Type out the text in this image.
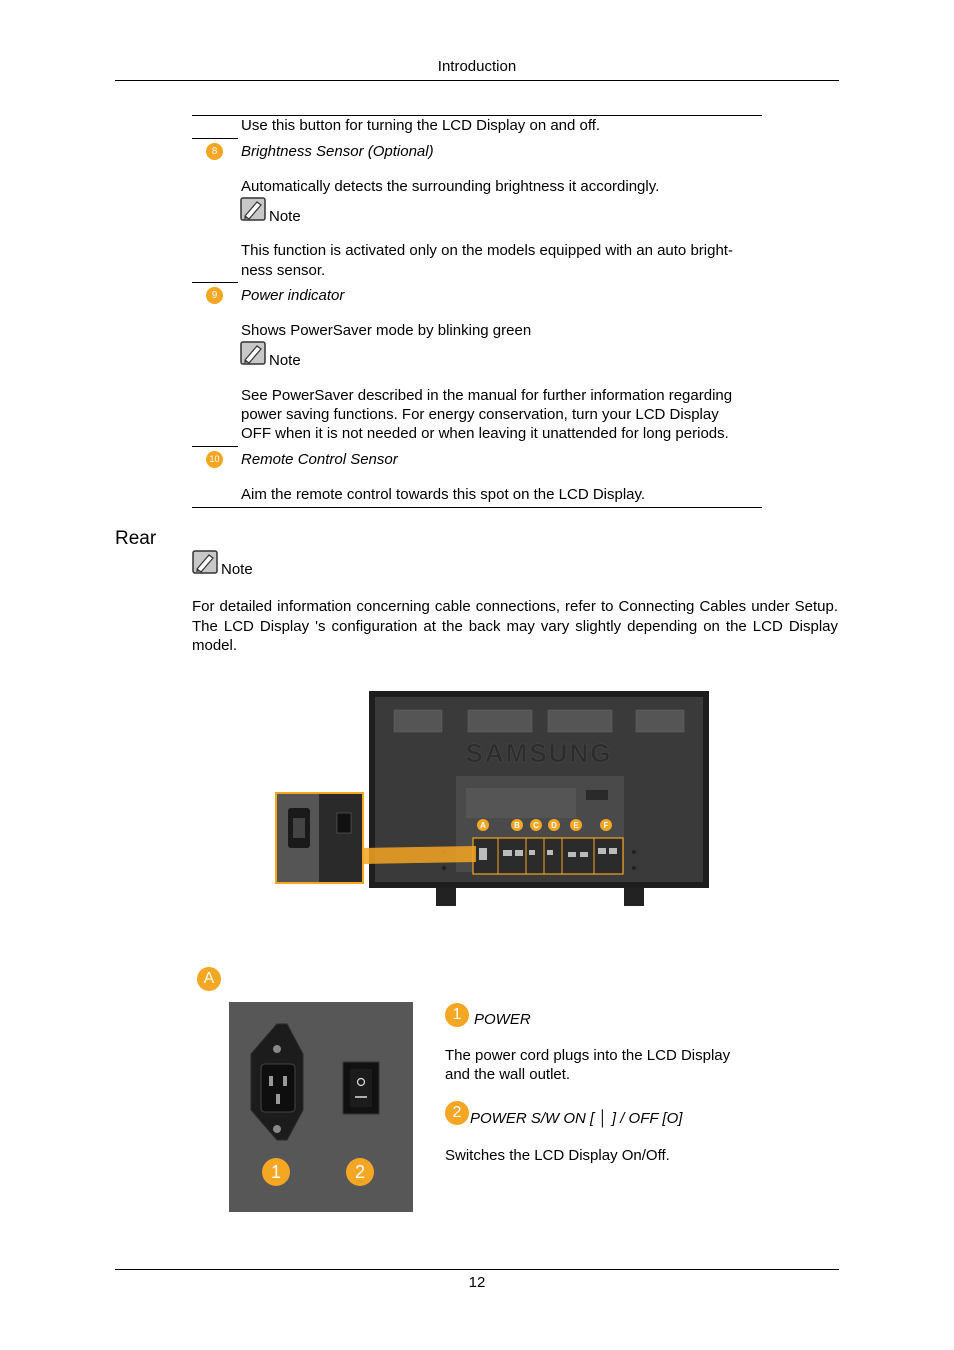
Introduction
Use this button for turning the LCD Display on and off.
8	Brightness Sensor (Optional)
Automatically detects the surrounding brightness it accordingly.
Note
This function is activated only on the models equipped with an auto bright-
ness sensor.
9	Power indicator
Shows PowerSaver mode by blinking green
Note
See PowerSaver described in the manual for further information regarding
power saving functions. For energy conservation, turn your LCD Display
OFF when it is not needed or when leaving it unattended for long periods.
10 Remote Control Sensor
Aim the remote control towards this spot on the LCD Display.
Rear
Note
For detailed information concerning cable connections, refer to Connecting Cables under Setup. The LCD Display 's configuration at the back may vary slightly depending on the LCD Display model.
SAMSUNG
A	B C D E	F
A
1	2
1 POWER
The power cord plugs into the LCD Display
and the wall outlet.
2 POWER S/W ON [ │ ] / OFF [O]
Switches the LCD Display On/Off.
12
